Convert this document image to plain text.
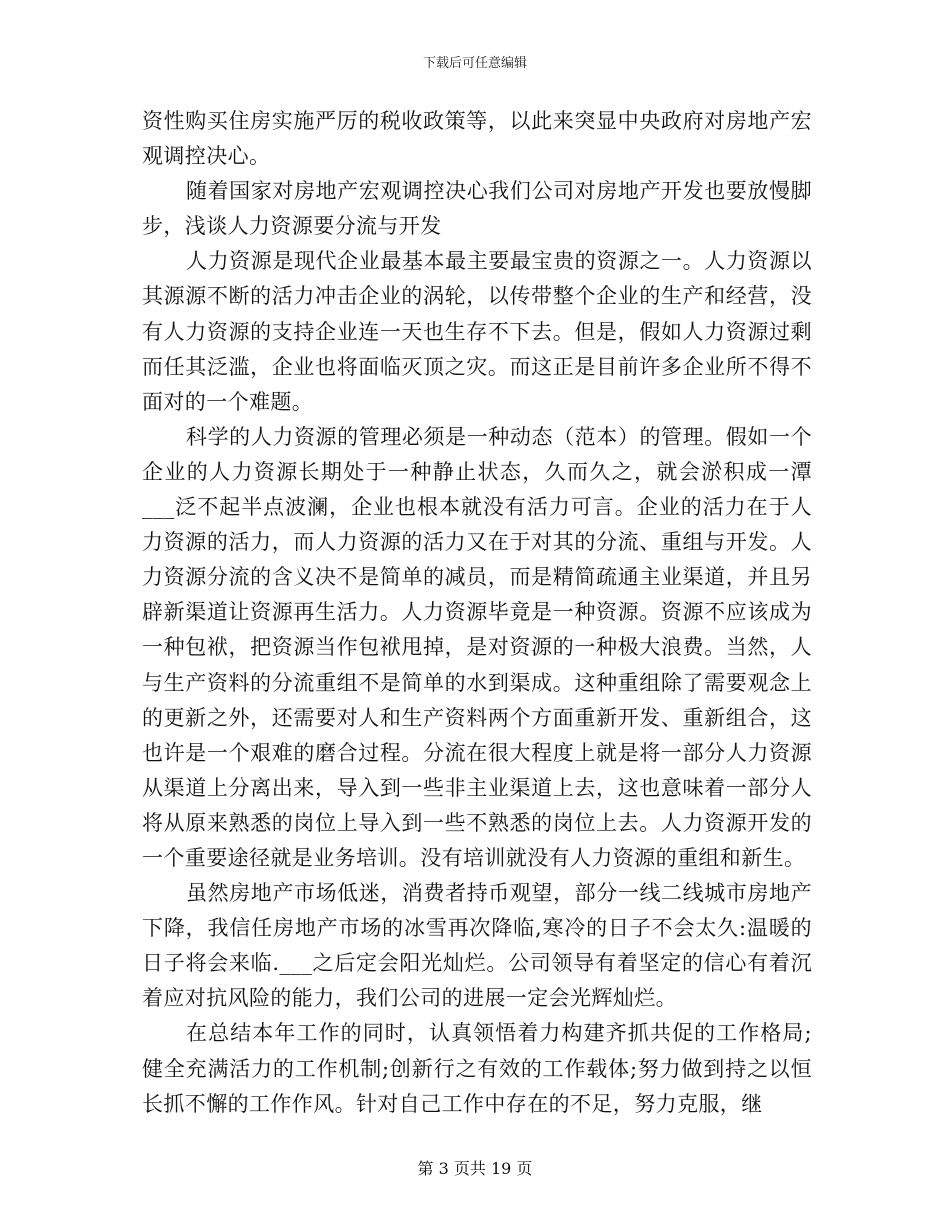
下载后可任意编辑

资性购买住房实施严厉的税收政策等，以此来突显中央政府对房地产宏观调控决心。

随着国家对房地产宏观调控决心我们公司对房地产开发也要放慢脚步，浅谈人力资源要分流与开发

人力资源是现代企业最基本最主要最宝贵的资源之一。人力资源以其源源不断的活力冲击企业的涡轮，以传带整个企业的生产和经营，没有人力资源的支持企业连一天也生存不下去。但是，假如人力资源过剩而任其泛滥，企业也将面临灭顶之灾。而这正是目前许多企业所不得不面对的一个难题。

科学的人力资源的管理必须是一种动态（范本）的管理。假如一个企业的人力资源长期处于一种静止状态，久而久之，就会淤积成一潭___泛不起半点波澜，企业也根本就没有活力可言。企业的活力在于人力资源的活力，而人力资源的活力又在于对其的分流、重组与开发。人力资源分流的含义决不是简单的减员，而是精简疏通主业渠道，并且另辟新渠道让资源再生活力。人力资源毕竟是一种资源。资源不应该成为一种包袱，把资源当作包袱甩掉，是对资源的一种极大浪费。当然，人与生产资料的分流重组不是简单的水到渠成。这种重组除了需要观念上的更新之外，还需要对人和生产资料两个方面重新开发、重新组合，这也许是一个艰难的磨合过程。分流在很大程度上就是将一部分人力资源从渠道上分离出来，导入到一些非主业渠道上去，这也意味着一部分人将从原来熟悉的岗位上导入到一些不熟悉的岗位上去。人力资源开发的一个重要途径就是业务培训。没有培训就没有人力资源的重组和新生。

虽然房地产市场低迷，消费者持币观望，部分一线二线城市房地产下降，我信任房地产市场的冰雪再次降临,寒冷的日子不会太久:温暖的日子将会来临.___之后定会阳光灿烂。公司领导有着坚定的信心有着沉着应对抗风险的能力，我们公司的进展一定会光辉灿烂。

在总结本年工作的同时，认真领悟着力构建齐抓共促的工作格局;健全充满活力的工作机制;创新行之有效的工作载体;努力做到持之以恒长抓不懈的工作作风。针对自己工作中存在的不足，努力克服，继

第 3 页共 19 页
